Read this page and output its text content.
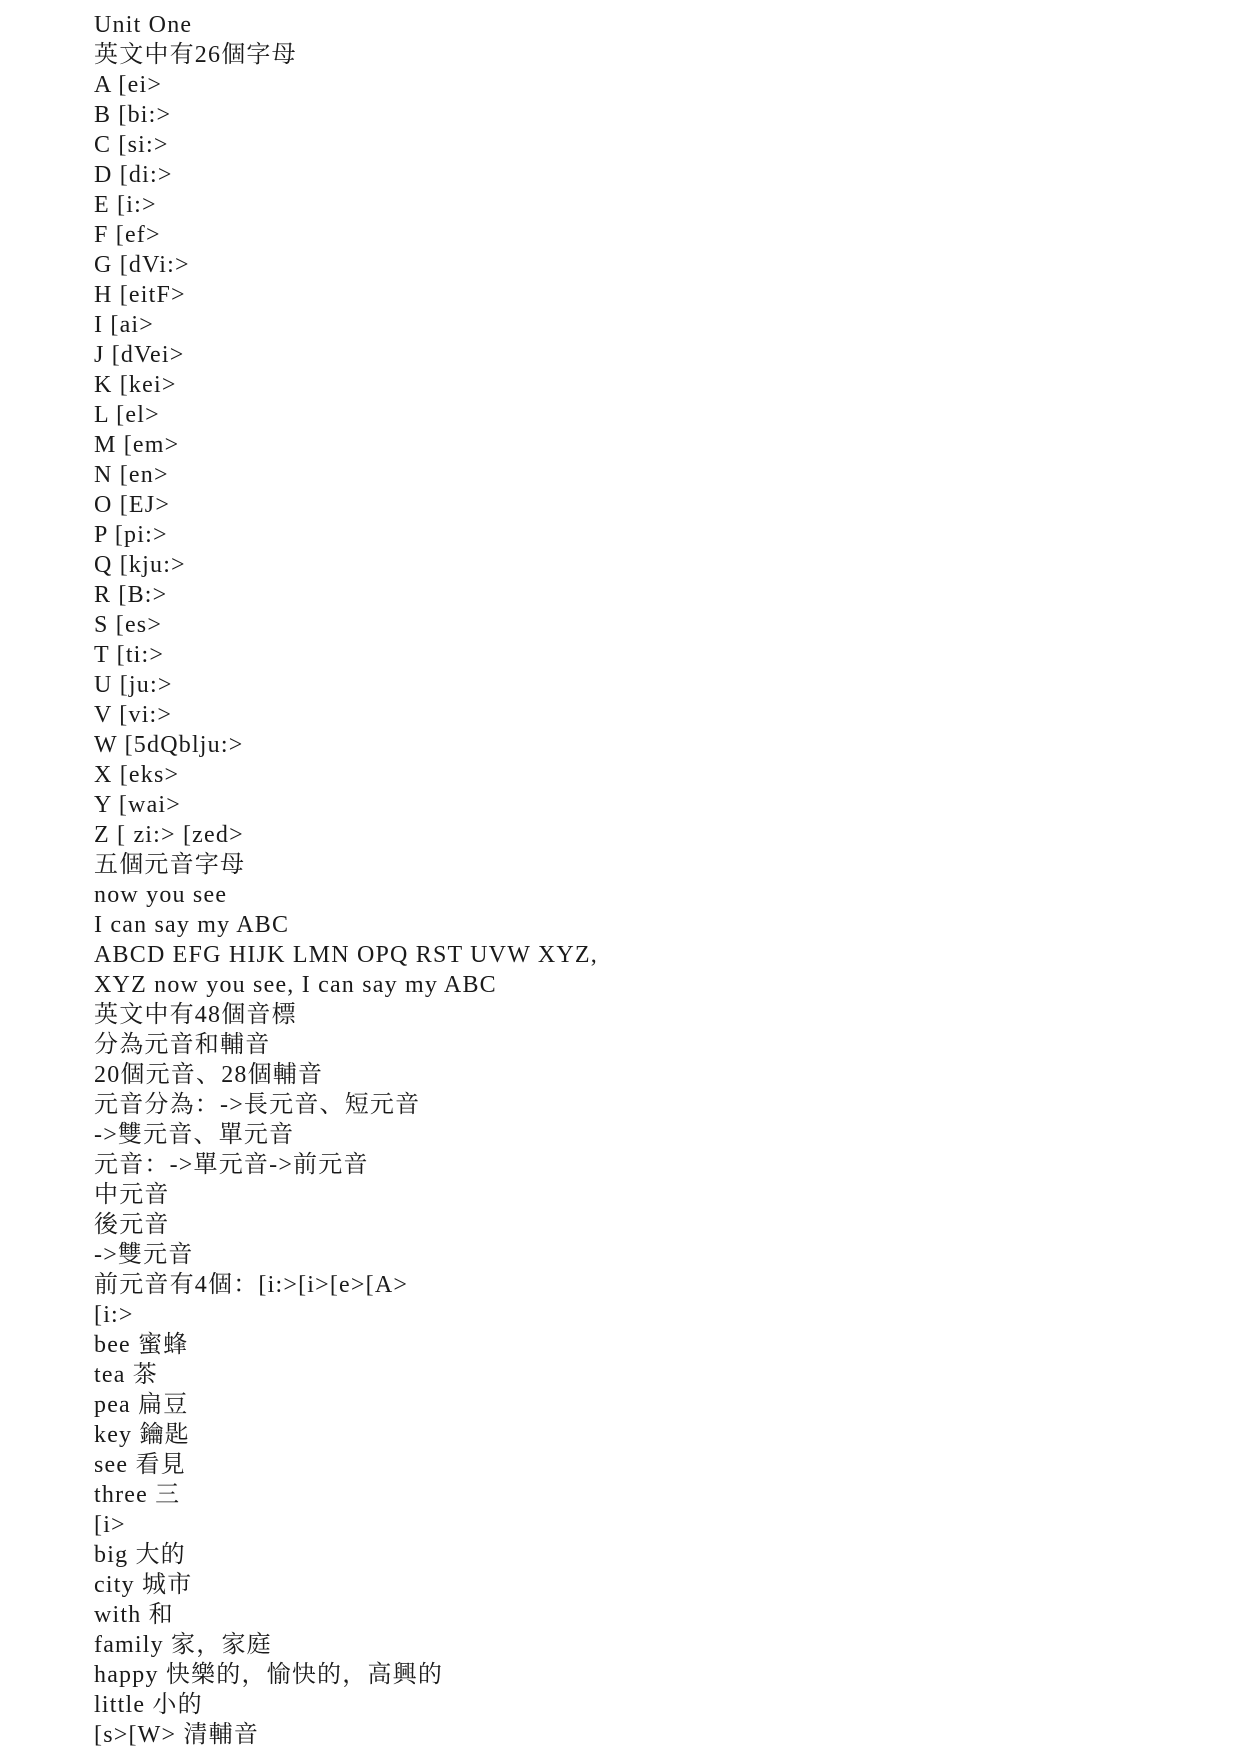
Unit One
英文中有26個字母
A [ei>
B [bi:>
C [si:>
D [di:>
E [i:>
F [ef>
G [dVi:>
H [eitF>
I [ai>
J [dVei>
K [kei>
L [el>
M [em>
N [en>
O [EJ>
P [pi:>
Q [kju:>
R [B:>
S [es>
T [ti:>
U [ju:>
V [vi:>
W [5dQblju:>
X [eks>
Y [wai>
Z [ zi:> [zed>
五個元音字母
now you see
I can say my ABC
ABCD EFG HIJK LMN OPQ RST UVW XYZ,
XYZ now you see, I can say my ABC
英文中有48個音標
分為元音和輔音
20個元音、28個輔音
元音分為：->長元音、短元音
->雙元音、單元音
元音：->單元音->前元音
中元音
後元音
->雙元音
前元音有4個：[i:>[i>[e>[A>
[i:>
bee 蜜蜂
tea 茶
pea 扁豆
key 鑰匙
see 看見
three 三
[i>
big 大的
city 城市
with 和
family 家，家庭
happy 快樂的，愉快的，高興的
little 小的
[s>[W> 清輔音
